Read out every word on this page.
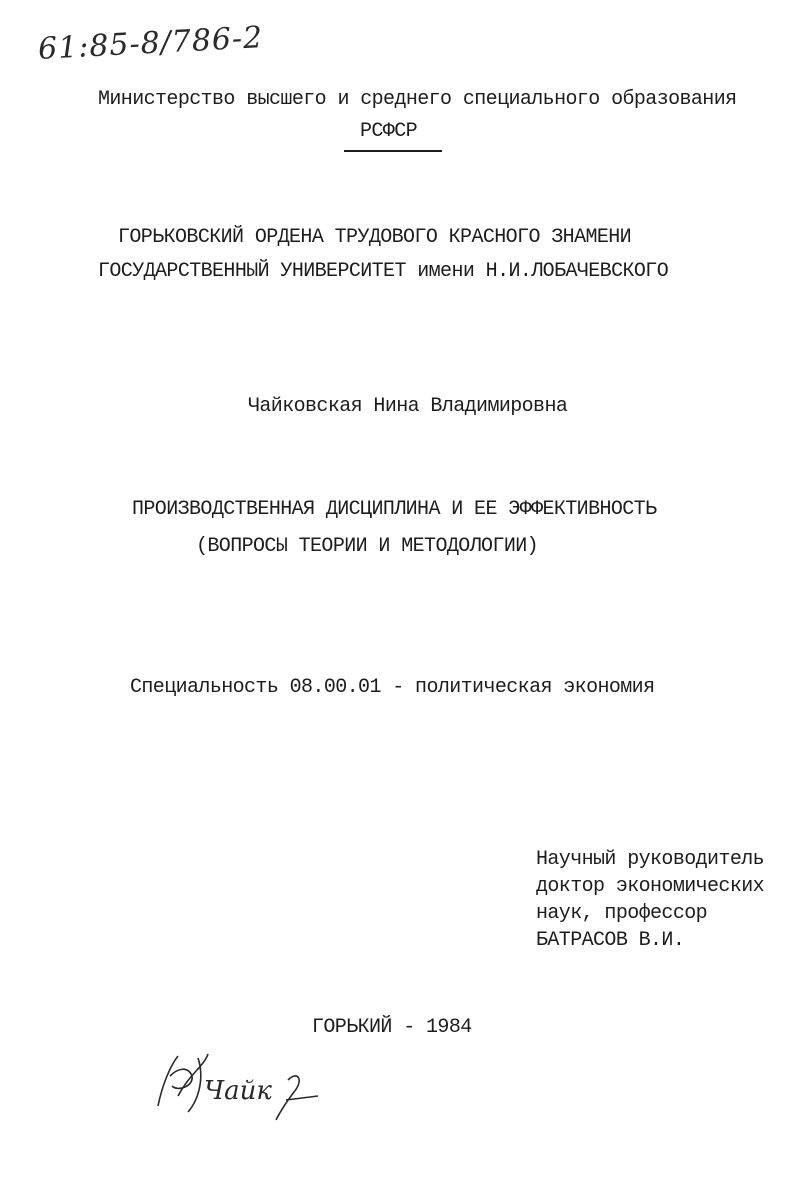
61:85-8/786-2
Министерство высшего и среднего специального образования
РСФСР
ГОРЬКОВСКИЙ ОРДЕНА ТРУДОВОГО КРАСНОГО ЗНАМЕНИ
ГОСУДАРСТВЕННЫЙ УНИВЕРСИТЕТ имени Н.И.ЛОБАЧЕВСКОГО
Чайковская Нина Владимировна
ПРОИЗВОДСТВЕННАЯ ДИСЦИПЛИНА И ЕЕ ЭФФЕКТИВНОСТЬ
(ВОПРОСЫ ТЕОРИИ И МЕТОДОЛОГИИ)
Специальность 08.00.01 - политическая экономия
Научный руководитель
доктор экономических
наук, профессор
БАТРАСОВ В.И.
ГОРЬКИЙ - 1984
Чайк
